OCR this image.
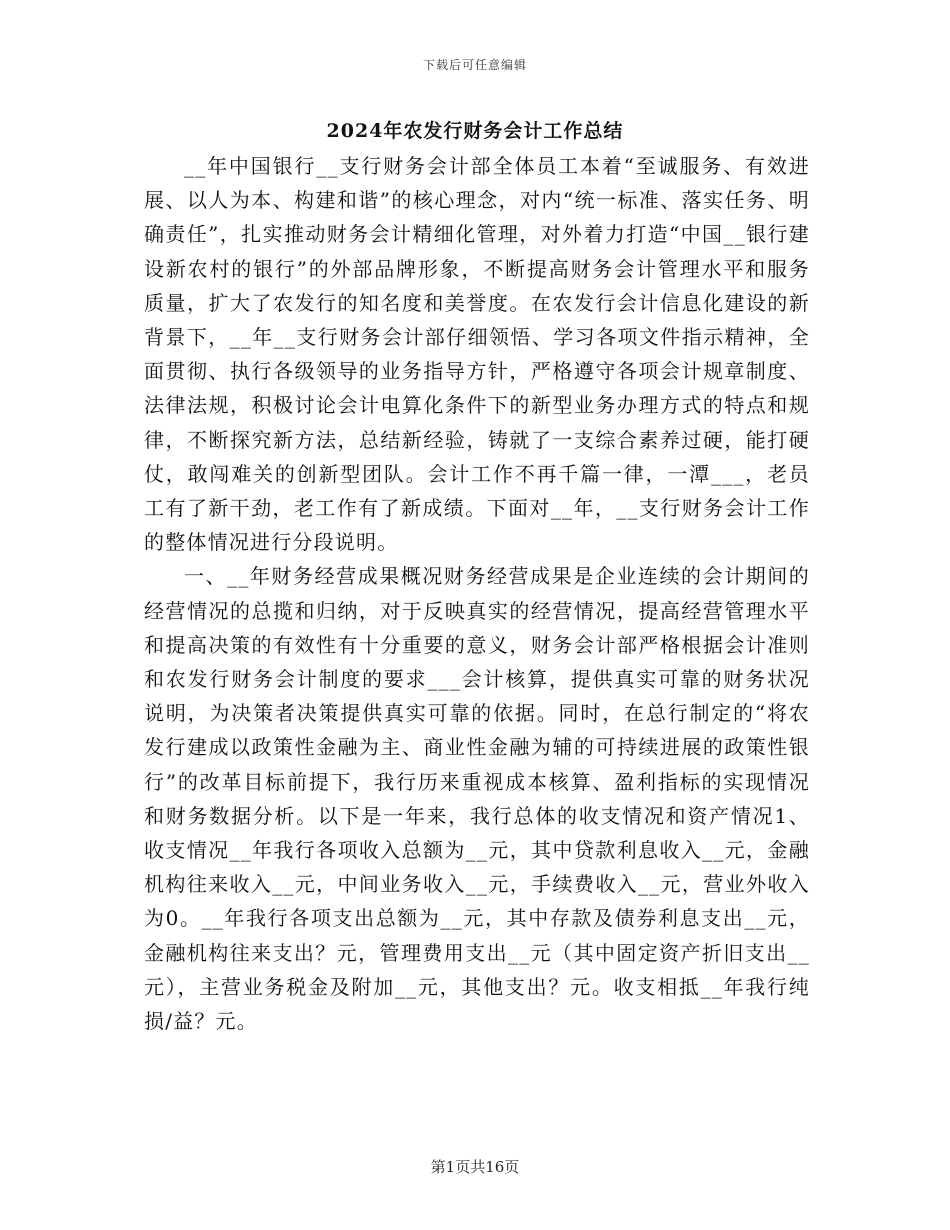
下载后可任意编辑
2024年农发行财务会计工作总结

__年中国银行__支行财务会计部全体员工本着“至诚服务、有效进展、以人为本、构建和谐”的核心理念，对内“统一标准、落实任务、明确责任”，扎实推动财务会计精细化管理，对外着力打造“中国__银行建设新农村的银行”的外部品牌形象，不断提高财务会计管理水平和服务质量，扩大了农发行的知名度和美誉度。在农发行会计信息化建设的新背景下，__年__支行财务会计部仔细领悟、学习各项文件指示精神，全面贯彻、执行各级领导的业务指导方针，严格遵守各项会计规章制度、法律法规，积极讨论会计电算化条件下的新型业务办理方式的特点和规律，不断探究新方法，总结新经验，铸就了一支综合素养过硬，能打硬仗，敢闯难关的创新型团队。会计工作不再千篇一律，一潭___，老员工有了新干劲，老工作有了新成绩。下面对__年，__支行财务会计工作的整体情况进行分段说明。

一、__年财务经营成果概况财务经营成果是企业连续的会计期间的经营情况的总揽和归纳，对于反映真实的经营情况，提高经营管理水平和提高决策的有效性有十分重要的意义，财务会计部严格根据会计准则和农发行财务会计制度的要求___会计核算，提供真实可靠的财务状况说明，为决策者决策提供真实可靠的依据。同时，在总行制定的“将农发行建成以政策性金融为主、商业性金融为辅的可持续进展的政策性银行”的改革目标前提下，我行历来重视成本核算、盈利指标的实现情况和财务数据分析。以下是一年来，我行总体的收支情况和资产情况1、收支情况__年我行各项收入总额为__元，其中贷款利息收入__元，金融机构往来收入__元，中间业务收入__元，手续费收入__元，营业外收入为0。__年我行各项支出总额为__元，其中存款及债券利息支出__元，金融机构往来支出？元，管理费用支出__元（其中固定资产折旧支出__元），主营业务税金及附加__元，其他支出？元。收支相抵__年我行纯损/益？元。

第1页共16页
